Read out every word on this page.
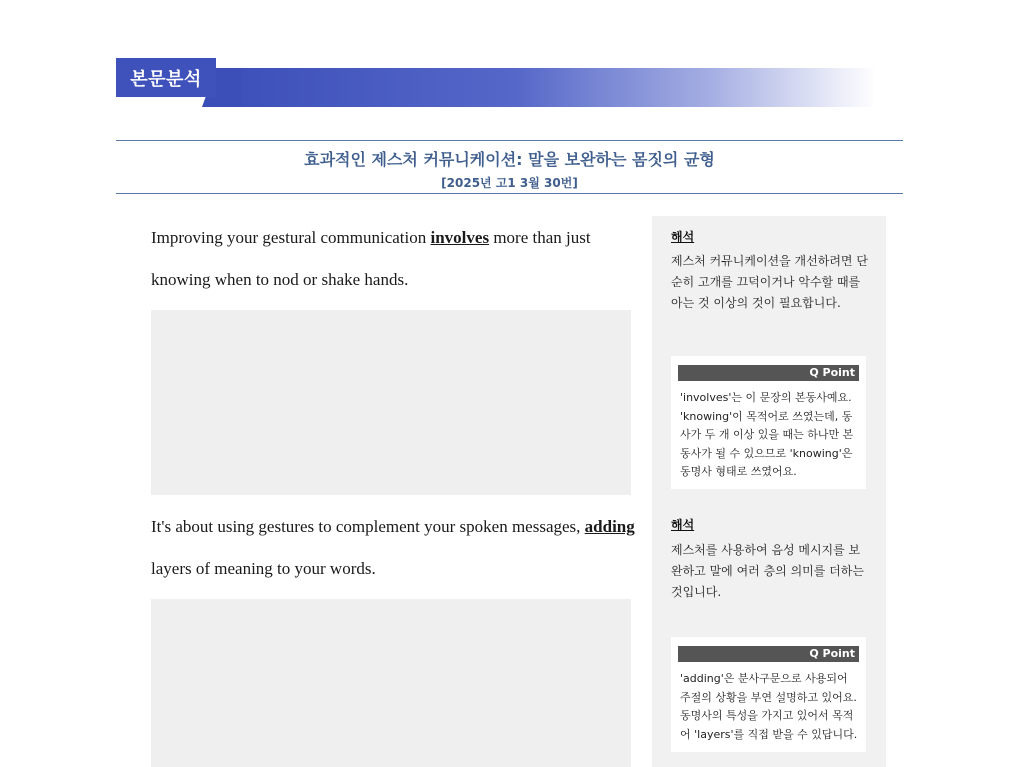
본문분석
효과적인 제스처 커뮤니케이션: 말을 보완하는 몸짓의 균형
[2025년 고1 3월 30번]
Improving your gestural communication involves more than just knowing when to nod or shake hands.
해석
제스처 커뮤니케이션을 개선하려면 단순히 고개를 끄덕이거나 악수할 때를 아는 것 이상의 것이 필요합니다.
Q Point
'involves'는 이 문장의 본동사예요. 'knowing'이 목적어로 쓰였는데, 동사가 두 개 이상 있을 때는 하나만 본동사가 될 수 있으므로 'knowing'은 동명사 형태로 쓰였어요.
It's about using gestures to complement your spoken messages, adding layers of meaning to your words.
해석
제스처를 사용하여 음성 메시지를 보완하고 말에 여러 층의 의미를 더하는 것입니다.
Q Point
'adding'은 분사구문으로 사용되어 주절의 상황을 부연 설명하고 있어요. 동명사의 특성을 가지고 있어서 목적어 'layers'를 직접 받을 수 있답니다.
